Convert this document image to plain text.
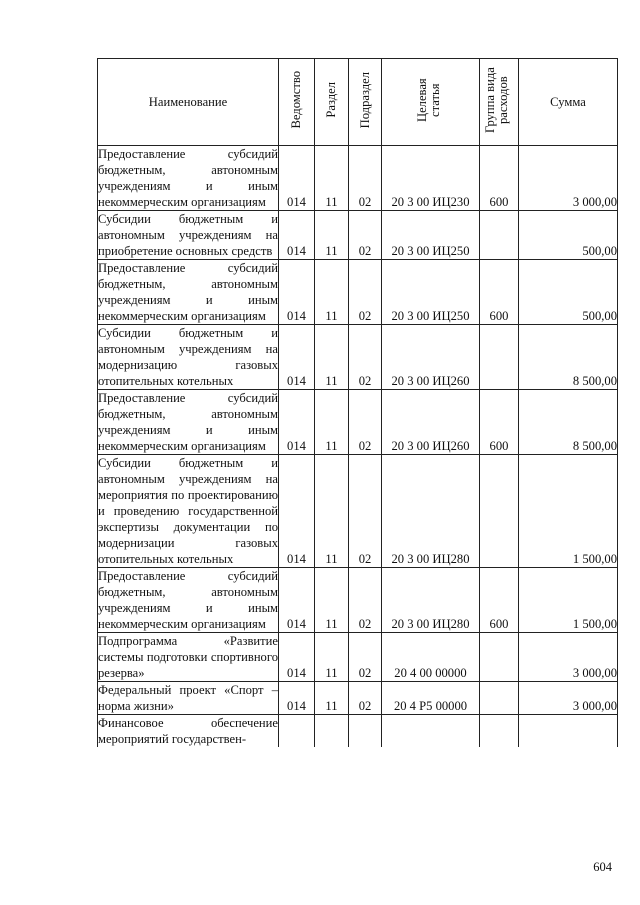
Наименование	Ведомство	Раздел	Подраздел	Целевая статья	Группа вида расходов	Сумма
Предоставление субсидий бюджетным, автономным учреждениям и иным некоммерческим организациям	014	11	02	20 3 00 ИЦ230	600	3 000,00
Субсидии бюджетным и автономным учреждениям на приобретение основных средств	014	11	02	20 3 00 ИЦ250		500,00
Предоставление субсидий бюджетным, автономным учреждениям и иным некоммерческим организациям	014	11	02	20 3 00 ИЦ250	600	500,00
Субсидии бюджетным и автономным учреждениям на модернизацию газовых отопительных котельных	014	11	02	20 3 00 ИЦ260		8 500,00
Предоставление субсидий бюджетным, автономным учреждениям и иным некоммерческим организациям	014	11	02	20 3 00 ИЦ260	600	8 500,00
Субсидии бюджетным и автономным учреждениям на мероприятия по проектированию и проведению государственной экспертизы документации по модернизации газовых отопительных котельных	014	11	02	20 3 00 ИЦ280		1 500,00
Предоставление субсидий бюджетным, автономным учреждениям и иным некоммерческим организациям	014	11	02	20 3 00 ИЦ280	600	1 500,00
Подпрограмма «Развитие системы подготовки спортивного резерва»	014	11	02	20 4 00 00000		3 000,00
Федеральный проект «Спорт – норма жизни»	014	11	02	20 4 Р5 00000		3 000,00
Финансовое обеспечение мероприятий государствен-						
604
